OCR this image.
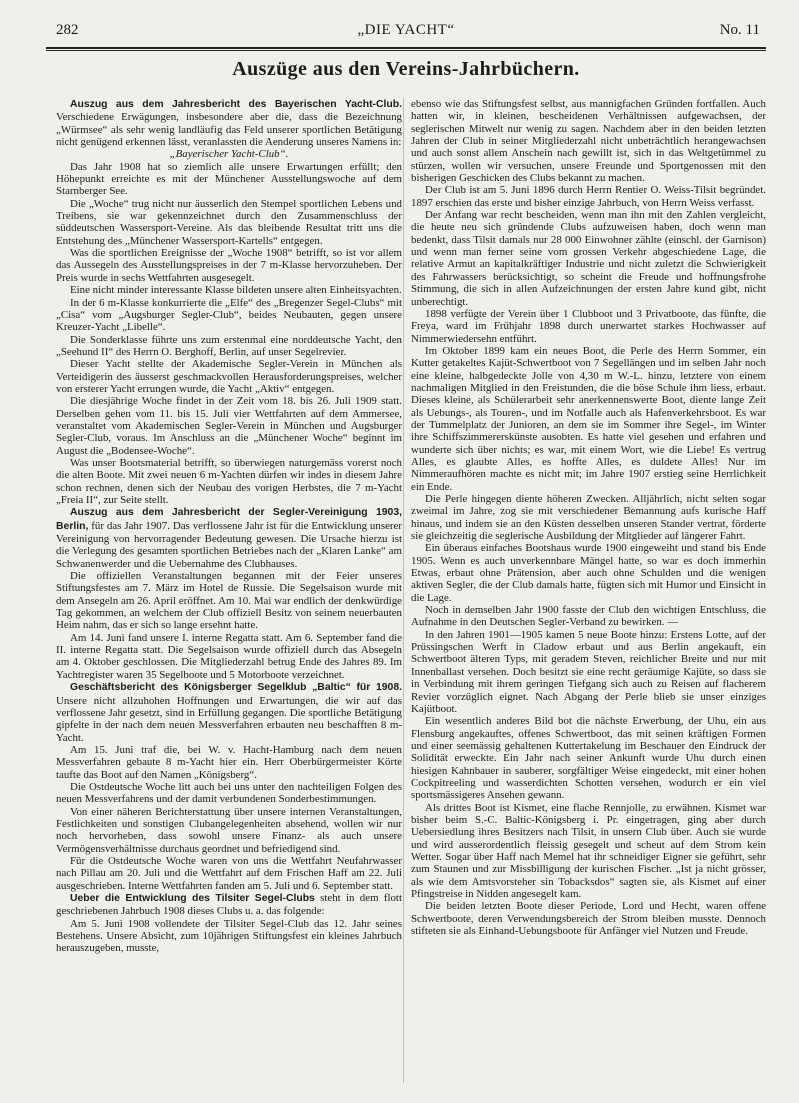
282	„DIE YACHT“	No. 11
Auszüge aus den Vereins-Jahrbüchern.

Auszug aus dem Jahresbericht des Bayerischen Yacht-Club. Verschiedene Erwägungen, insbesondere aber die, dass die Bezeichnung „Würmsee“ als sehr wenig landläufig das Feld unserer sportlichen Betätigung nicht genügend erkennen lässt, veranlassten die Aenderung unseres Namens in:

„Bayerischer Yacht-Club“.

Das Jahr 1908 hat so ziemlich alle unsere Erwartungen erfüllt; den Höhepunkt erreichte es mit der Münchener Ausstellungswoche auf dem Starnberger See.

Die „Woche“ trug nicht nur äusserlich den Stempel sportlichen Lebens und Treibens, sie war gekennzeichnet durch den Zusammenschluss der süddeutschen Wassersport-Vereine. Als das bleibende Resultat tritt uns die Entstehung des „Münchener Wassersport-Kartells“ entgegen.

Was die sportlichen Ereignisse der „Woche 1908“ betrifft, so ist vor allem das Aussegeln des Ausstellungspreises in der 7 m-Klasse hervorzuheben. Der Preis wurde in sechs Wettfahrten ausgesegelt.

Eine nicht minder interessante Klasse bildeten unsere alten Einheitsyachten.

In der 6 m-Klasse konkurrierte die „Elfe“ des „Bregenzer Segel-Clubs“ mit „Cisa“ vom „Augsburger Segler-Club“, beides Neubauten, gegen unsere Kreuzer-Yacht „Libelle“.

Die Sonderklasse führte uns zum erstenmal eine norddeutsche Yacht, den „Seehund II“ des Herrn O. Berghoff, Berlin, auf unser Segelrevier.

Dieser Yacht stellte der Akademische Segler-Verein in München als Verteidigerin des äusserst geschmackvollen Herausforderungspreises, welcher von ersterer Yacht errungen wurde, die Yacht „Aktiv“ entgegen.

Die diesjährige Woche findet in der Zeit vom 18. bis 26. Juli 1909 statt. Derselben gehen vom 11. bis 15. Juli vier Wettfahrten auf dem Ammersee, veranstaltet vom Akademischen Segler-Verein in München und Augsburger Segler-Club, voraus. Im Anschluss an die „Münchener Woche“ beginnt im August die „Bodensee-Woche“.

Was unser Bootsmaterial betrifft, so überwiegen naturgemäss vorerst noch die alten Boote. Mit zwei neuen 6 m-Yachten dürfen wir indes in diesem Jahre schon rechnen, denen sich der Neubau des vorigen Herbstes, die 7 m-Yacht „Freia II“, zur Seite stellt.

Auszug aus dem Jahresbericht der Segler-Vereinigung 1903, Berlin, für das Jahr 1907. Das verflossene Jahr ist für die Entwicklung unserer Vereinigung von hervorragender Bedeutung gewesen. Die Ursache hierzu ist die Verlegung des gesamten sportlichen Betriebes nach der „Klaren Lanke“ am Schwanenwerder und die Uebernahme des Clubhauses.

Die offiziellen Veranstaltungen begannen mit der Feier unseres Stiftungsfestes am 7. März im Hotel de Russie. Die Segelsaison wurde mit dem Ansegeln am 26. April eröffnet. Am 10. Mai war endlich der denkwürdige Tag gekommen, an welchem der Club offiziell Besitz von seinem neuerbauten Heim nahm, das er sich so lange ersehnt hatte.

Am 14. Juni fand unsere I. interne Regatta statt. Am 6. September fand die II. interne Regatta statt. Die Segelsaison wurde offiziell durch das Absegeln am 4. Oktober geschlossen. Die Mitgliederzahl betrug Ende des Jahres 89. Im Yachtregister waren 35 Segelboote und 5 Motorboote verzeichnet.

Geschäftsbericht des Königsberger Segelklub „Baltic“ für 1908. Unsere nicht allzuhohen Hoffnungen und Erwartungen, die wir auf das verflossene Jahr gesetzt, sind in Erfüllung gegangen. Die sportliche Betätigung gipfelte in der nach dem neuen Messverfahren erbauten neu beschafften 8 m-Yacht.

Am 15. Juni traf die, bei W. v. Hacht-Hamburg nach dem neuen Messverfahren gebaute 8 m-Yacht hier ein. Herr Oberbürgermeister Körte taufte das Boot auf den Namen „Königsberg“.

Die Ostdeutsche Woche litt auch bei uns unter den nachteiligen Folgen des neuen Messverfahrens und der damit verbundenen Sonderbestimmungen.

Von einer näheren Berichterstattung über unsere internen Veranstaltungen, Festlichkeiten und sonstigen Clubangelegenheiten absehend, wollen wir nur noch hervorheben, dass sowohl unsere Finanz- als auch unsere Vermögensverhältnisse durchaus geordnet und befriedigend sind.

Für die Ostdeutsche Woche waren von uns die Wettfahrt Neufahrwasser nach Pillau am 20. Juli und die Wettfahrt auf dem Frischen Haff am 22. Juli ausgeschrieben. Interne Wettfahrten fanden am 5. Juli und 6. September statt.

Ueber die Entwicklung des Tilsiter Segel-Clubs steht in dem flott geschriebenen Jahrbuch 1908 dieses Clubs u. a. das folgende:

Am 5. Juni 1908 vollendete der Tilsiter Segel-Club das 12. Jahr seines Bestehens. Unsere Absicht, zum 10jährigen Stiftungsfest ein kleines Jahrbuch herauszugeben, musste,

ebenso wie das Stiftungsfest selbst, aus mannigfachen Gründen fortfallen. Auch hatten wir, in kleinen, bescheidenen Verhältnissen aufgewachsen, der seglerischen Mitwelt nur wenig zu sagen. Nachdem aber in den beiden letzten Jahren der Club in seiner Mitgliederzahl nicht unbeträchtlich herangewachsen und auch sonst allem Anschein nach gewillt ist, sich in das Weltgetümmel zu stürzen, wollen wir versuchen, unsere Freunde und Sportgenossen mit den bisherigen Geschicken des Clubs bekannt zu machen.

Der Club ist am 5. Juni 1896 durch Herrn Rentier O. Weiss-Tilsit begründet. 1897 erschien das erste und bisher einzige Jahrbuch, von Herrn Weiss verfasst.

Der Anfang war recht bescheiden, wenn man ihn mit den Zahlen vergleicht, die heute neu sich gründende Clubs aufzuweisen haben, doch wenn man bedenkt, dass Tilsit damals nur 28 000 Einwohner zählte (einschl. der Garnison) und wenn man ferner seine vom grossen Verkehr abgeschiedene Lage, die relative Armut an kapitalkräftiger Industrie und nicht zuletzt die Schwierigkeit des Fahrwassers berücksichtigt, so scheint die Freude und hoffnungsfrohe Stimmung, die sich in allen Aufzeichnungen der ersten Jahre kund gibt, nicht unberechtigt.

1898 verfügte der Verein über 1 Clubboot und 3 Privatboote, das fünfte, die Freya, ward im Frühjahr 1898 durch unerwartet starkes Hochwasser auf Nimmerwiedersehn entführt.

Im Oktober 1899 kam ein neues Boot, die Perle des Herrn Sommer, ein Kutter getakeltes Kajüt-Schwertboot von 7 Segellängen und im selben Jahr noch eine kleine, halbgedeckte Jolle von 4,30 m W.-L. hinzu, letztere von einem nachmaligen Mitglied in den Freistunden, die die böse Schule ihm liess, erbaut. Dieses kleine, als Schülerarbeit sehr anerkennenswerte Boot, diente lange Zeit als Uebungs-, als Touren-, und im Notfalle auch als Hafenverkehrsboot. Es war der Tummelplatz der Junioren, an dem sie im Sommer ihre Segel-, im Winter ihre Schiffszimmererskünste ausobten. Es hatte viel gesehen und erfahren und wunderte sich über nichts; es war, mit einem Wort, wie die Liebe! Es vertrug Alles, es glaubte Alles, es hoffte Alles, es duldete Alles! Nur im Nimmeraufhören machte es nicht mit; im Jahre 1907 erstieg seine Herrlichkeit ein Ende.

Die Perle hingegen diente höheren Zwecken. Alljährlich, nicht selten sogar zweimal im Jahre, zog sie mit verschiedener Bemannung aufs kurische Haff hinaus, und indem sie an den Küsten desselben unseren Stander vertrat, förderte sie gleichzeitig die seglerische Ausbildung der Mitglieder auf längerer Fahrt.

Ein überaus einfaches Bootshaus wurde 1900 eingeweiht und stand bis Ende 1905. Wenn es auch unverkennbare Mängel hatte, so war es doch immerhin Etwas, erbaut ohne Prätension, aber auch ohne Schulden und die wenigen aktiven Segler, die der Club damals hatte, fügten sich mit Humor und Einsicht in die Lage.

Noch in demselben Jahr 1900 fasste der Club den wichtigen Entschluss, die Aufnahme in den Deutschen Segler-Verband zu bewirken. —

In den Jahren 1901—1905 kamen 5 neue Boote hinzu: Erstens Lotte, auf der Prüssingschen Werft in Cladow erbaut und aus Berlin angekauft, ein Schwertboot älteren Typs, mit geradem Steven, reichlicher Breite und nur mit Innenballast versehen. Doch besitzt sie eine recht geräumige Kajüte, so dass sie in Verbindung mit ihrem geringen Tiefgang sich auch zu Reisen auf flacherem Revier vorzüglich eignet. Nach Abgang der Perle blieb sie unser einziges Kajütboot.

Ein wesentlich anderes Bild bot die nächste Erwerbung, der Uhu, ein aus Flensburg angekauftes, offenes Schwertboot, das mit seinen kräftigen Formen und einer seemässig gehaltenen Kuttertakelung im Beschauer den Eindruck der Solidität erweckte. Ein Jahr nach seiner Ankunft wurde Uhu durch einen hiesigen Kahnbauer in sauberer, sorgfältiger Weise eingedeckt, mit einer hohen Cockpitreeling und wasserdichten Schotten versehen, wodurch er ein viel sportsmässigeres Ansehen gewann.

Als drittes Boot ist Kismet, eine flache Rennjolle, zu erwähnen. Kismet war bisher beim S.-C. Baltic-Königsberg i. Pr. eingetragen, ging aber durch Uebersiedlung ihres Besitzers nach Tilsit, in unsern Club über. Auch sie wurde und wird ausserordentlich fleissig gesegelt und scheut auf dem Strom kein Wetter. Sogar über Haff nach Memel hat ihr schneidiger Eigner sie geführt, sehr zum Staunen und zur Missbilligung der kurischen Fischer. „Ist ja nicht grösser, als wie dem Amtsvorsteher sin Tobacksdos“ sagten sie, als Kismet auf einer Pfingstreise in Nidden angesegelt kam.

Die beiden letzten Boote dieser Periode, Lord und Hecht, waren offene Schwertboote, deren Verwendungsbereich der Strom bleiben musste. Dennoch stifteten sie als Einhand-Uebungsboote für Anfänger viel Nutzen und Freude.
